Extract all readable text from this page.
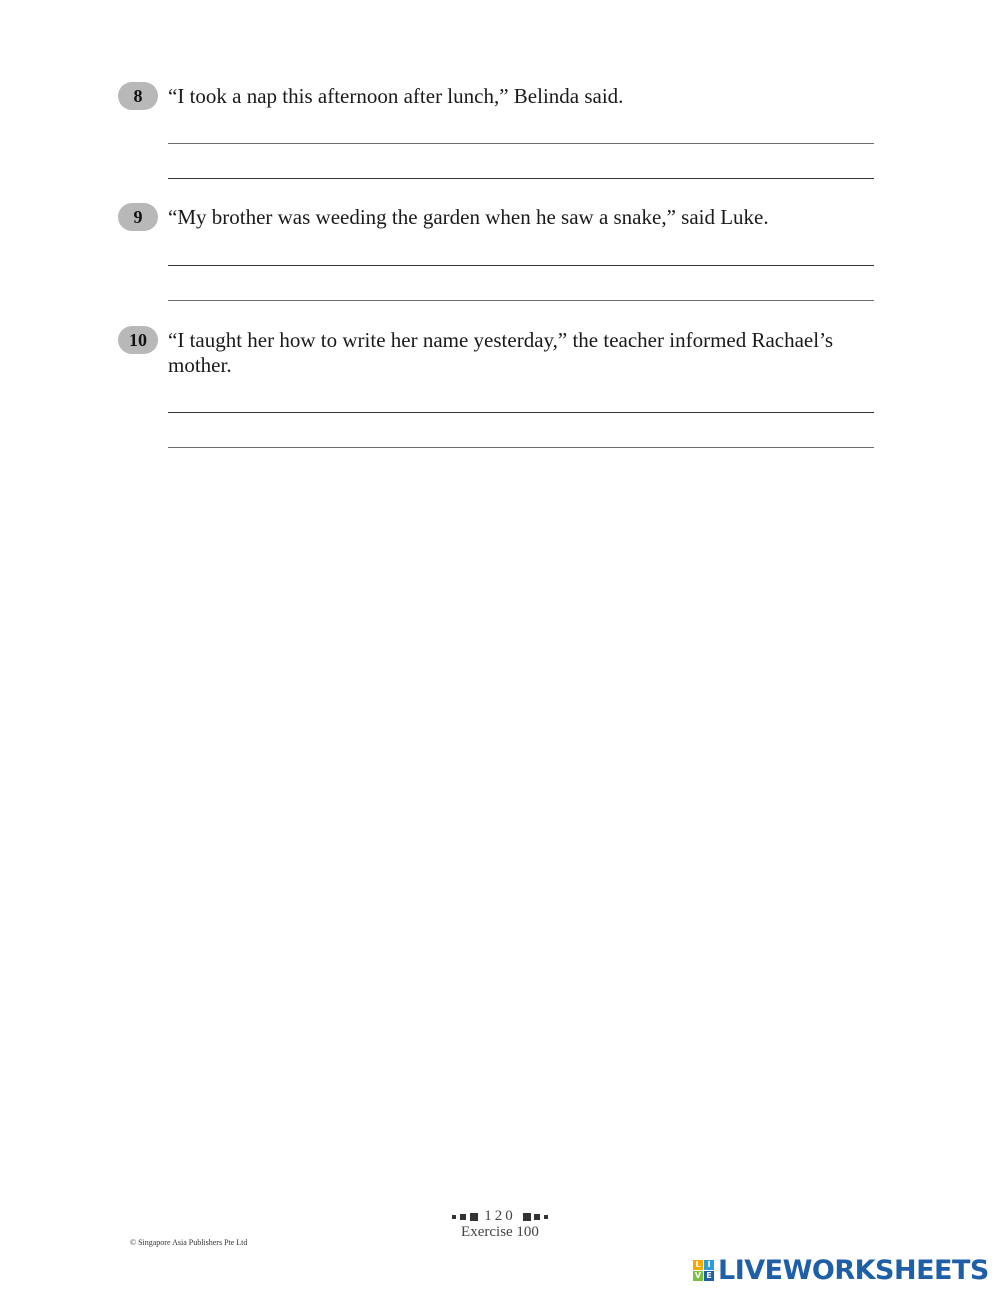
8	“I took a nap this afternoon after lunch,” Belinda said.
9	“My brother was weeding the garden when he saw a snake,” said Luke.
10	“I taught her how to write her name yesterday,” the teacher informed Rachael’s mother.
120
Exercise 100
© Singapore Asia Publishers Pte Ltd
L I
V E LIVEWORKSHEETS
